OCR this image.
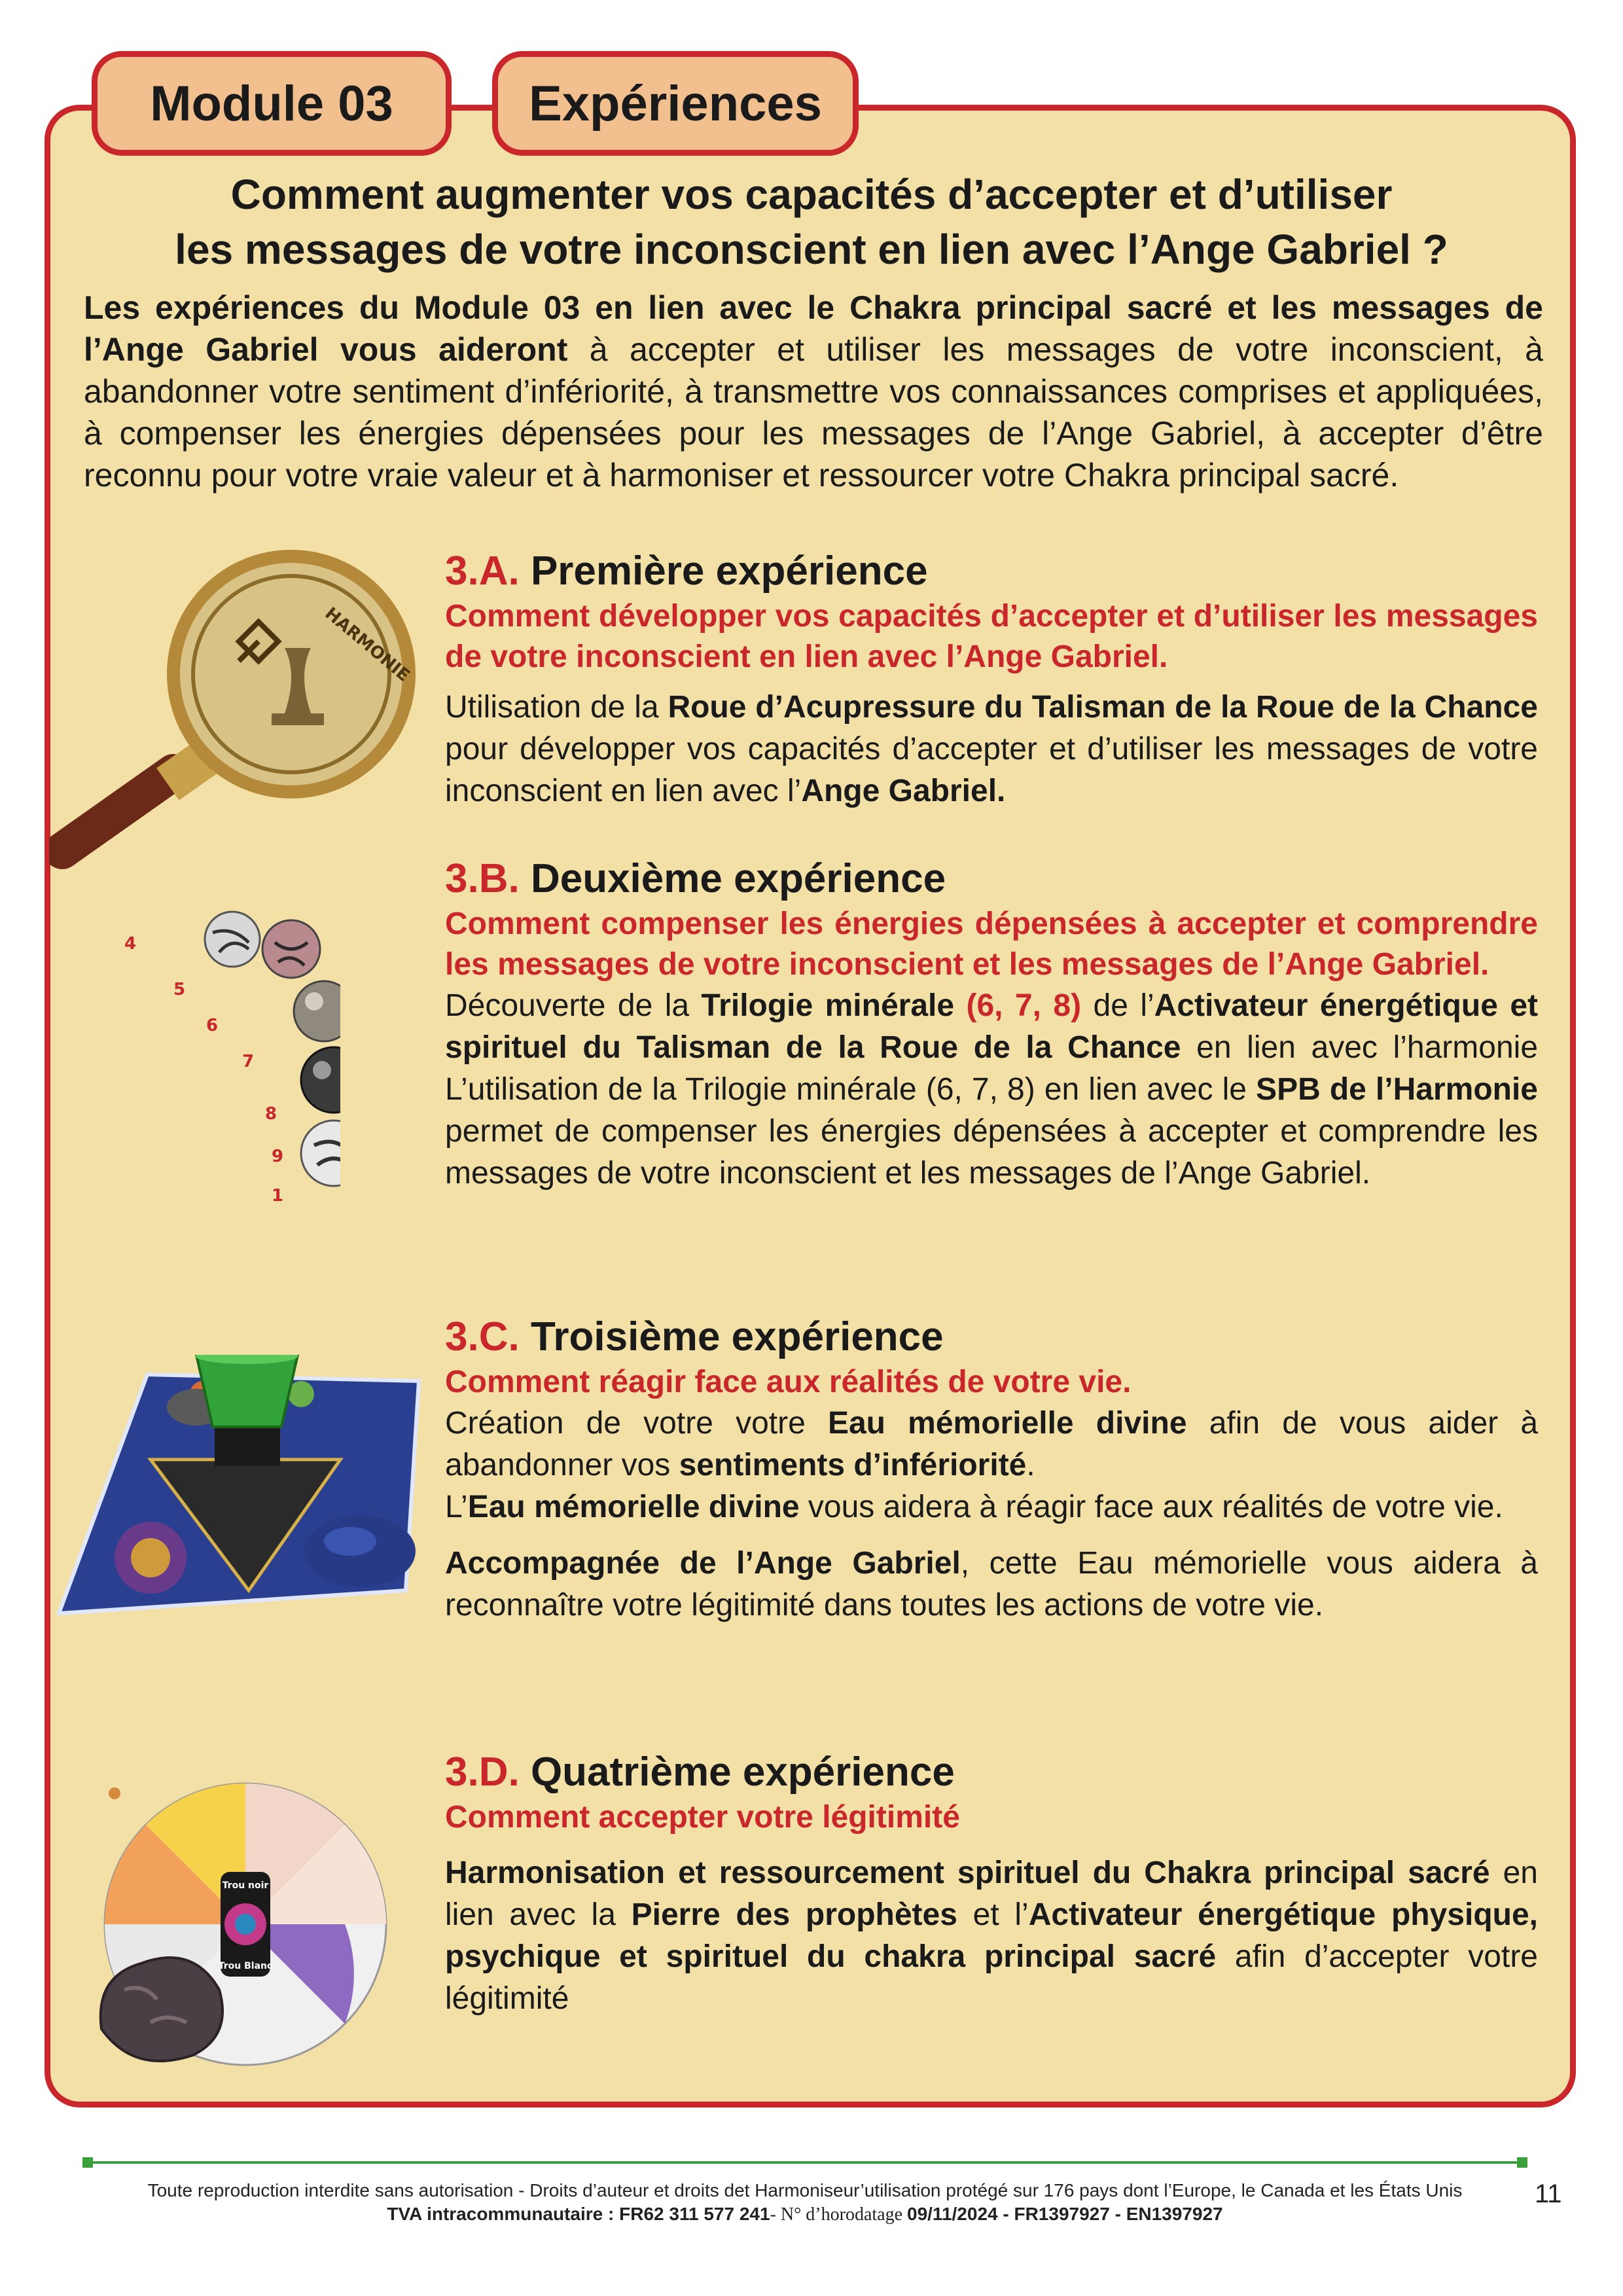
Module 03	Expériences
Comment augmenter vos capacités d’accepter et d’utiliser
les messages de votre inconscient en lien avec l’Ange Gabriel ?
Les expériences du Module 03 en lien avec le Chakra principal sacré et les messages de l’Ange Gabriel vous aideront à accepter et utiliser les messages de votre inconscient, à abandonner votre sentiment d’infériorité, à transmettre vos connaissances comprises et appliquées, à compenser les énergies dépensées pour les messages de l’Ange Gabriel, à accepter d’être reconnu pour votre vraie valeur et à harmoniser et ressourcer votre Chakra principal sacré.
HARMONIE
4
5
6
7
8
9
1
Trou noir
Trou Blanc
3.A. Première expérience
Comment développer vos capacités d’accepter et d’utiliser les messages de votre inconscient en lien avec l’Ange Gabriel.

Utilisation de la Roue d’Acupressure du Talisman de la Roue de la Chance pour développer vos capacités d’accepter et d’utiliser les messages de votre inconscient en lien avec l’Ange Gabriel.

3.B. Deuxième expérience
Comment compenser les énergies dépensées à accepter et comprendre les messages de votre inconscient et les messages de l’Ange Gabriel.

Découverte de la Trilogie minérale (6, 7, 8) de l’Activateur énergétique et spirituel du Talisman de la Roue de la Chance en lien avec l’harmonie L’utilisation de la Trilogie minérale (6, 7, 8) en lien avec le SPB de l’Harmonie permet de compenser les énergies dépensées à accepter et comprendre les messages de votre inconscient et les messages de l’Ange Gabriel.

3.C. Troisième expérience
Comment réagir face aux réalités de votre vie.

Création de votre votre Eau mémorielle divine afin de vous aider à abandonner vos sentiments d’infériorité.
L’Eau mémorielle divine vous aidera à réagir face aux réalités de votre vie.

Accompagnée de l’Ange Gabriel, cette Eau mémorielle vous aidera à reconnaître votre légitimité dans toutes les actions de votre vie.

3.D. Quatrième expérience
Comment accepter votre légitimité

Harmonisation et ressourcement spirituel du Chakra principal sacré en lien avec la Pierre des prophètes et l’Activateur énergétique physique, psychique et spirituel du chakra principal sacré afin d’accepter votre légitimité

Toute reproduction interdite sans autorisation - Droits d’auteur et droits det Harmoniseur’utilisation protégé sur 176 pays dont l’Europe, le Canada et les États Unis
TVA intracommunautaire : FR62 311 577 241- N° d’horodatage 09/11/2024 - FR1397927 - EN1397927
11
